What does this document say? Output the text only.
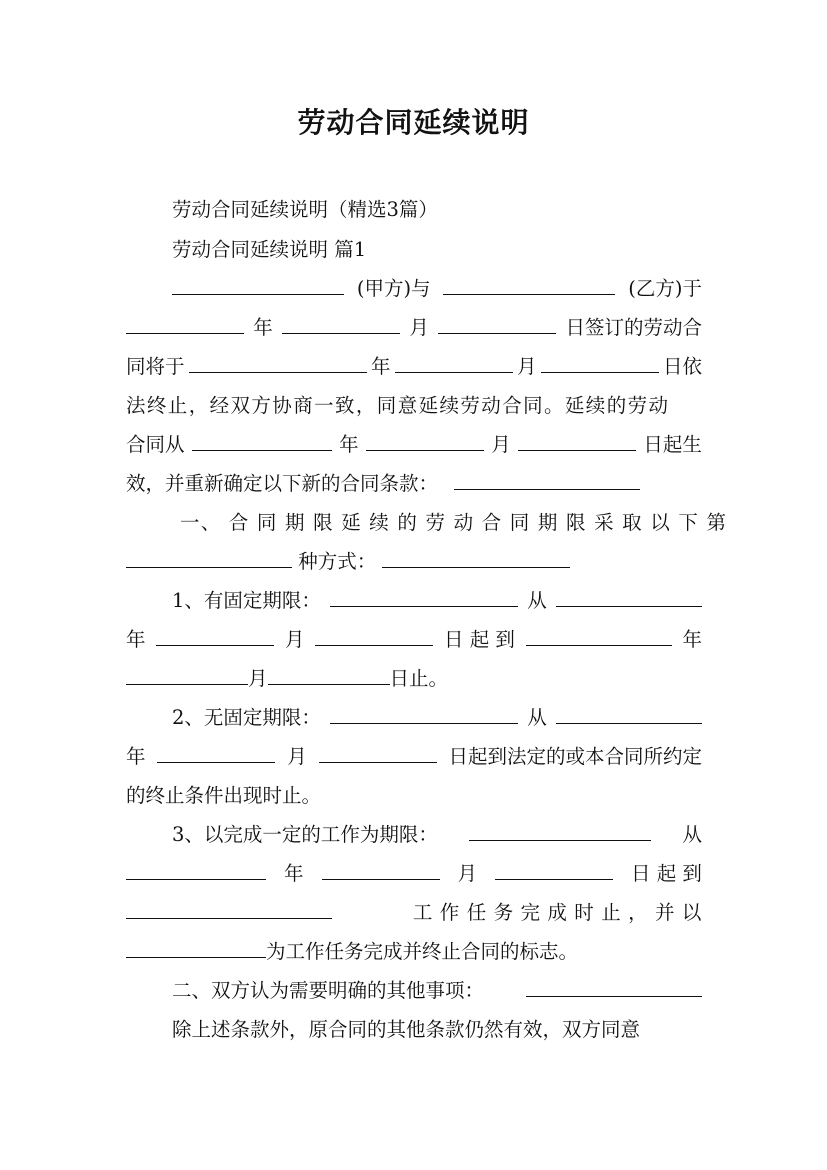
劳动合同延续说明
劳动合同延续说明（精选3篇）
劳动合同延续说明 篇1
(甲方)与	(乙方)于
年	月	日签订的劳动合
同将于	年	月	日依
法终止，经双方协商一致，同意延续劳动合同。延续的劳动
合同从	年	月	日起生
效，并重新确定以下新的合同条款：
一、 合 同 期 限 延 续 的 劳 动 合 同 期 限 采 取 以 下 第
种方式：
1、有固定期限：	从
年	月	日 起 到	年
月	日止。
2、无固定期限：	从
年	月	日起到法定的或本合同所约定
的终止条件出现时止。
3、以完成一定的工作为期限：	从
年	月	日 起 到
工 作 任 务 完 成 时 止 ， 并 以
为工作任务完成并终止合同的标志。
二、双方认为需要明确的其他事项：
除上述条款外，原合同的其他条款仍然有效，双方同意
